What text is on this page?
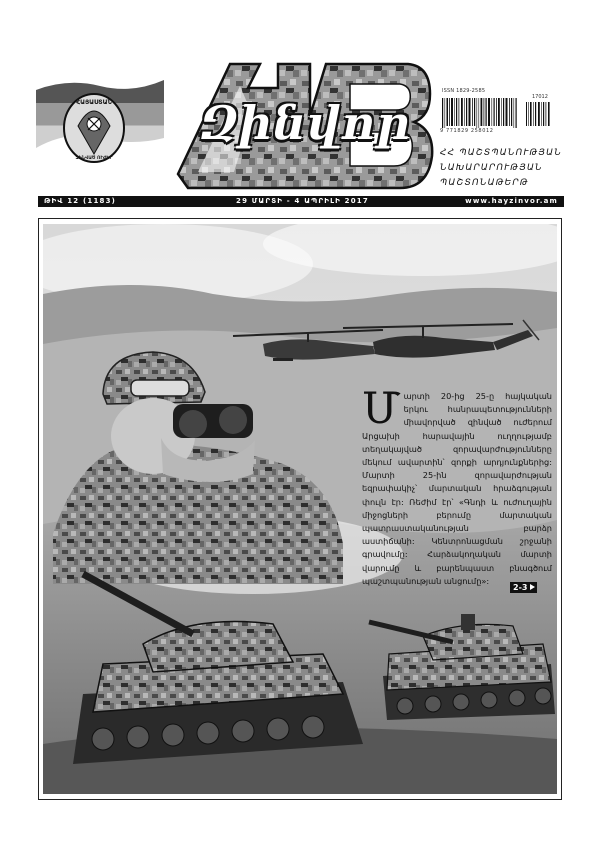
ՀԱՅԱՍՏԱՆ
ԶԻՆՎԱԾ ՈՒԺԵՐ
Զինվոր
ISSN 1829-2585
17012
9 771829 258012
ՀՀ ՊԱՇՏՊԱՆՈՒԹՅԱՆ
ՆԱԽԱՐԱՐՈՒԹՅԱՆ
ՊԱՇՏՈՆԱԹԵՐԹ
ԹԻՎ 12 (1183)	29 ՄԱՐՏԻ - 4 ԱՊՐԻԼԻ 2017	www.hayzinvor.am
Մարտի 20-ից 25-ը հայկական երկու հանրապետությունների միավորված զինված ուժերում Արցախի հարավային ուղղությամբ տեղակայված զորավարժությունները մեկում ավարտին՝ զորքի արդյունքներից: Մարտի 25-ին զորավարժության եզրափակիչ՝ մարտական հրաձգության փուլն էր: Ռեժիմ էր՝ «Գնդի և ուժուղային միջոցների բերումը մարտական պատրաստականության բարձր աստիճանի: Կենտրոնացման շրջանի գրավումը: Հարձակողական մարտի վարումը և բարենպաստ բնագծում պաշտպանության անցումը»:
2-3
